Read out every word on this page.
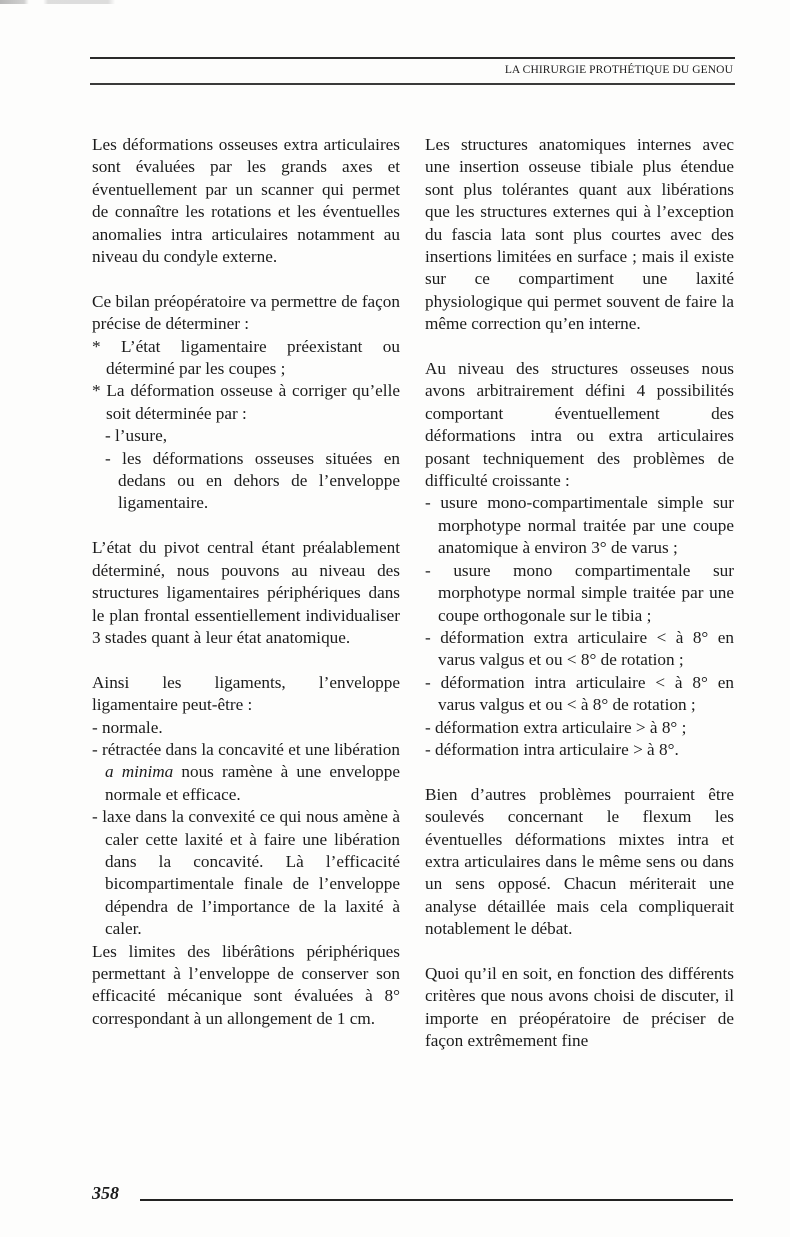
LA CHIRURGIE PROTHÉTIQUE DU GENOU

Les déformations osseuses extra articulaires sont évaluées par les grands axes et éventuellement par un scanner qui permet de connaître les rotations et les éventuelles anomalies intra articulaires notamment au niveau du condyle externe.

Ce bilan préopératoire va permettre de façon précise de déterminer :

* L’état ligamentaire préexistant ou déterminé par les coupes ;

* La déformation osseuse à corriger qu’elle soit déterminée par :

- l’usure,

- les déformations osseuses situées en dedans ou en dehors de l’enveloppe ligamentaire.

L’état du pivot central étant préalablement déterminé, nous pouvons au niveau des structures ligamentaires périphériques dans le plan frontal essentiellement individualiser 3 stades quant à leur état anatomique.

Ainsi les ligaments, l’enveloppe ligamentaire peut-être :

- normale.

- rétractée dans la concavité et une libération a minima nous ramène à une enveloppe normale et efficace.

- laxe dans la convexité ce qui nous amène à caler cette laxité et à faire une libération dans la concavité. Là l’efficacité bicompartimentale finale de l’enveloppe dépendra de l’importance de la laxité à caler.

Les limites des libérâtions périphériques permettant à l’enveloppe de conserver son efficacité mécanique sont évaluées à 8° correspondant à un allongement de 1 cm.

Les structures anatomiques internes avec une insertion osseuse tibiale plus étendue sont plus tolérantes quant aux libérations que les structures externes qui à l’exception du fascia lata sont plus courtes avec des insertions limitées en surface ; mais il existe sur ce compartiment une laxité physiologique qui permet souvent de faire la même correction qu’en interne.

Au niveau des structures osseuses nous avons arbitrairement défini 4 possibilités comportant éventuellement des déformations intra ou extra articulaires posant techniquement des problèmes de difficulté croissante :

- usure mono-compartimentale simple sur morphotype normal traitée par une coupe anatomique à environ 3° de varus ;

- usure mono compartimentale sur morphotype normal simple traitée par une coupe orthogonale sur le tibia ;

- déformation extra articulaire < à 8° en varus valgus et ou < 8° de rotation ;

- déformation intra articulaire < à 8° en varus valgus et ou < à 8° de rotation ;

- déformation extra articulaire > à 8° ;

- déformation intra articulaire > à 8°.

Bien d’autres problèmes pourraient être soulevés concernant le flexum les éventuelles déformations mixtes intra et extra articulaires dans le même sens ou dans un sens opposé. Chacun mériterait une analyse détaillée mais cela compliquerait notablement le débat.

Quoi qu’il en soit, en fonction des différents critères que nous avons choisi de discuter, il importe en préopératoire de préciser de façon extrêmement fine

358
